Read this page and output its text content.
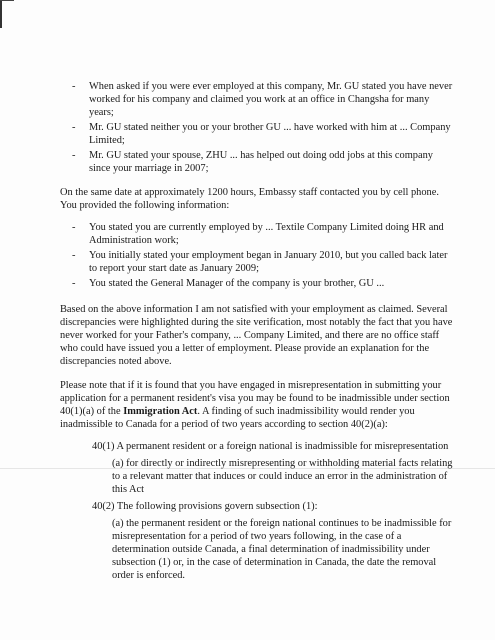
- When asked if you were ever employed at this company, Mr. GU stated you have never worked for his company and claimed you work at an office in Changsha for many years;
- Mr. GU stated neither you or your brother GU ... have worked with him at ... Company Limited;
- Mr. GU stated your spouse, ZHU ... has helped out doing odd jobs at this company since your marriage in 2007;

On the same date at approximately 1200 hours, Embassy staff contacted you by cell phone. You provided the following information:

- You stated you are currently employed by ... Textile Company Limited doing HR and Administration work;
- You initially stated your employment began in January 2010, but you called back later to report your start date as January 2009;
- You stated the General Manager of the company is your brother, GU ...

Based on the above information I am not satisfied with your employment as claimed. Several discrepancies were highlighted during the site verification, most notably the fact that you have never worked for your Father's company, ... Company Limited, and there are no office staff who could have issued you a letter of employment. Please provide an explanation for the discrepancies noted above.

Please note that if it is found that you have engaged in misrepresentation in submitting your application for a permanent resident's visa you may be found to be inadmissible under section 40(1)(a) of the Immigration Act. A finding of such inadmissibility would render you inadmissible to Canada for a period of two years according to section 40(2)(a):

40(1) A permanent resident or a foreign national is inadmissible for misrepresentation

(a) for directly or indirectly misrepresenting or withholding material facts relating to a relevant matter that induces or could induce an error in the administration of this Act

40(2) The following provisions govern subsection (1):

(a) the permanent resident or the foreign national continues to be inadmissible for misrepresentation for a period of two years following, in the case of a determination outside Canada, a final determination of inadmissibility under subsection (1) or, in the case of determination in Canada, the date the removal order is enforced.
